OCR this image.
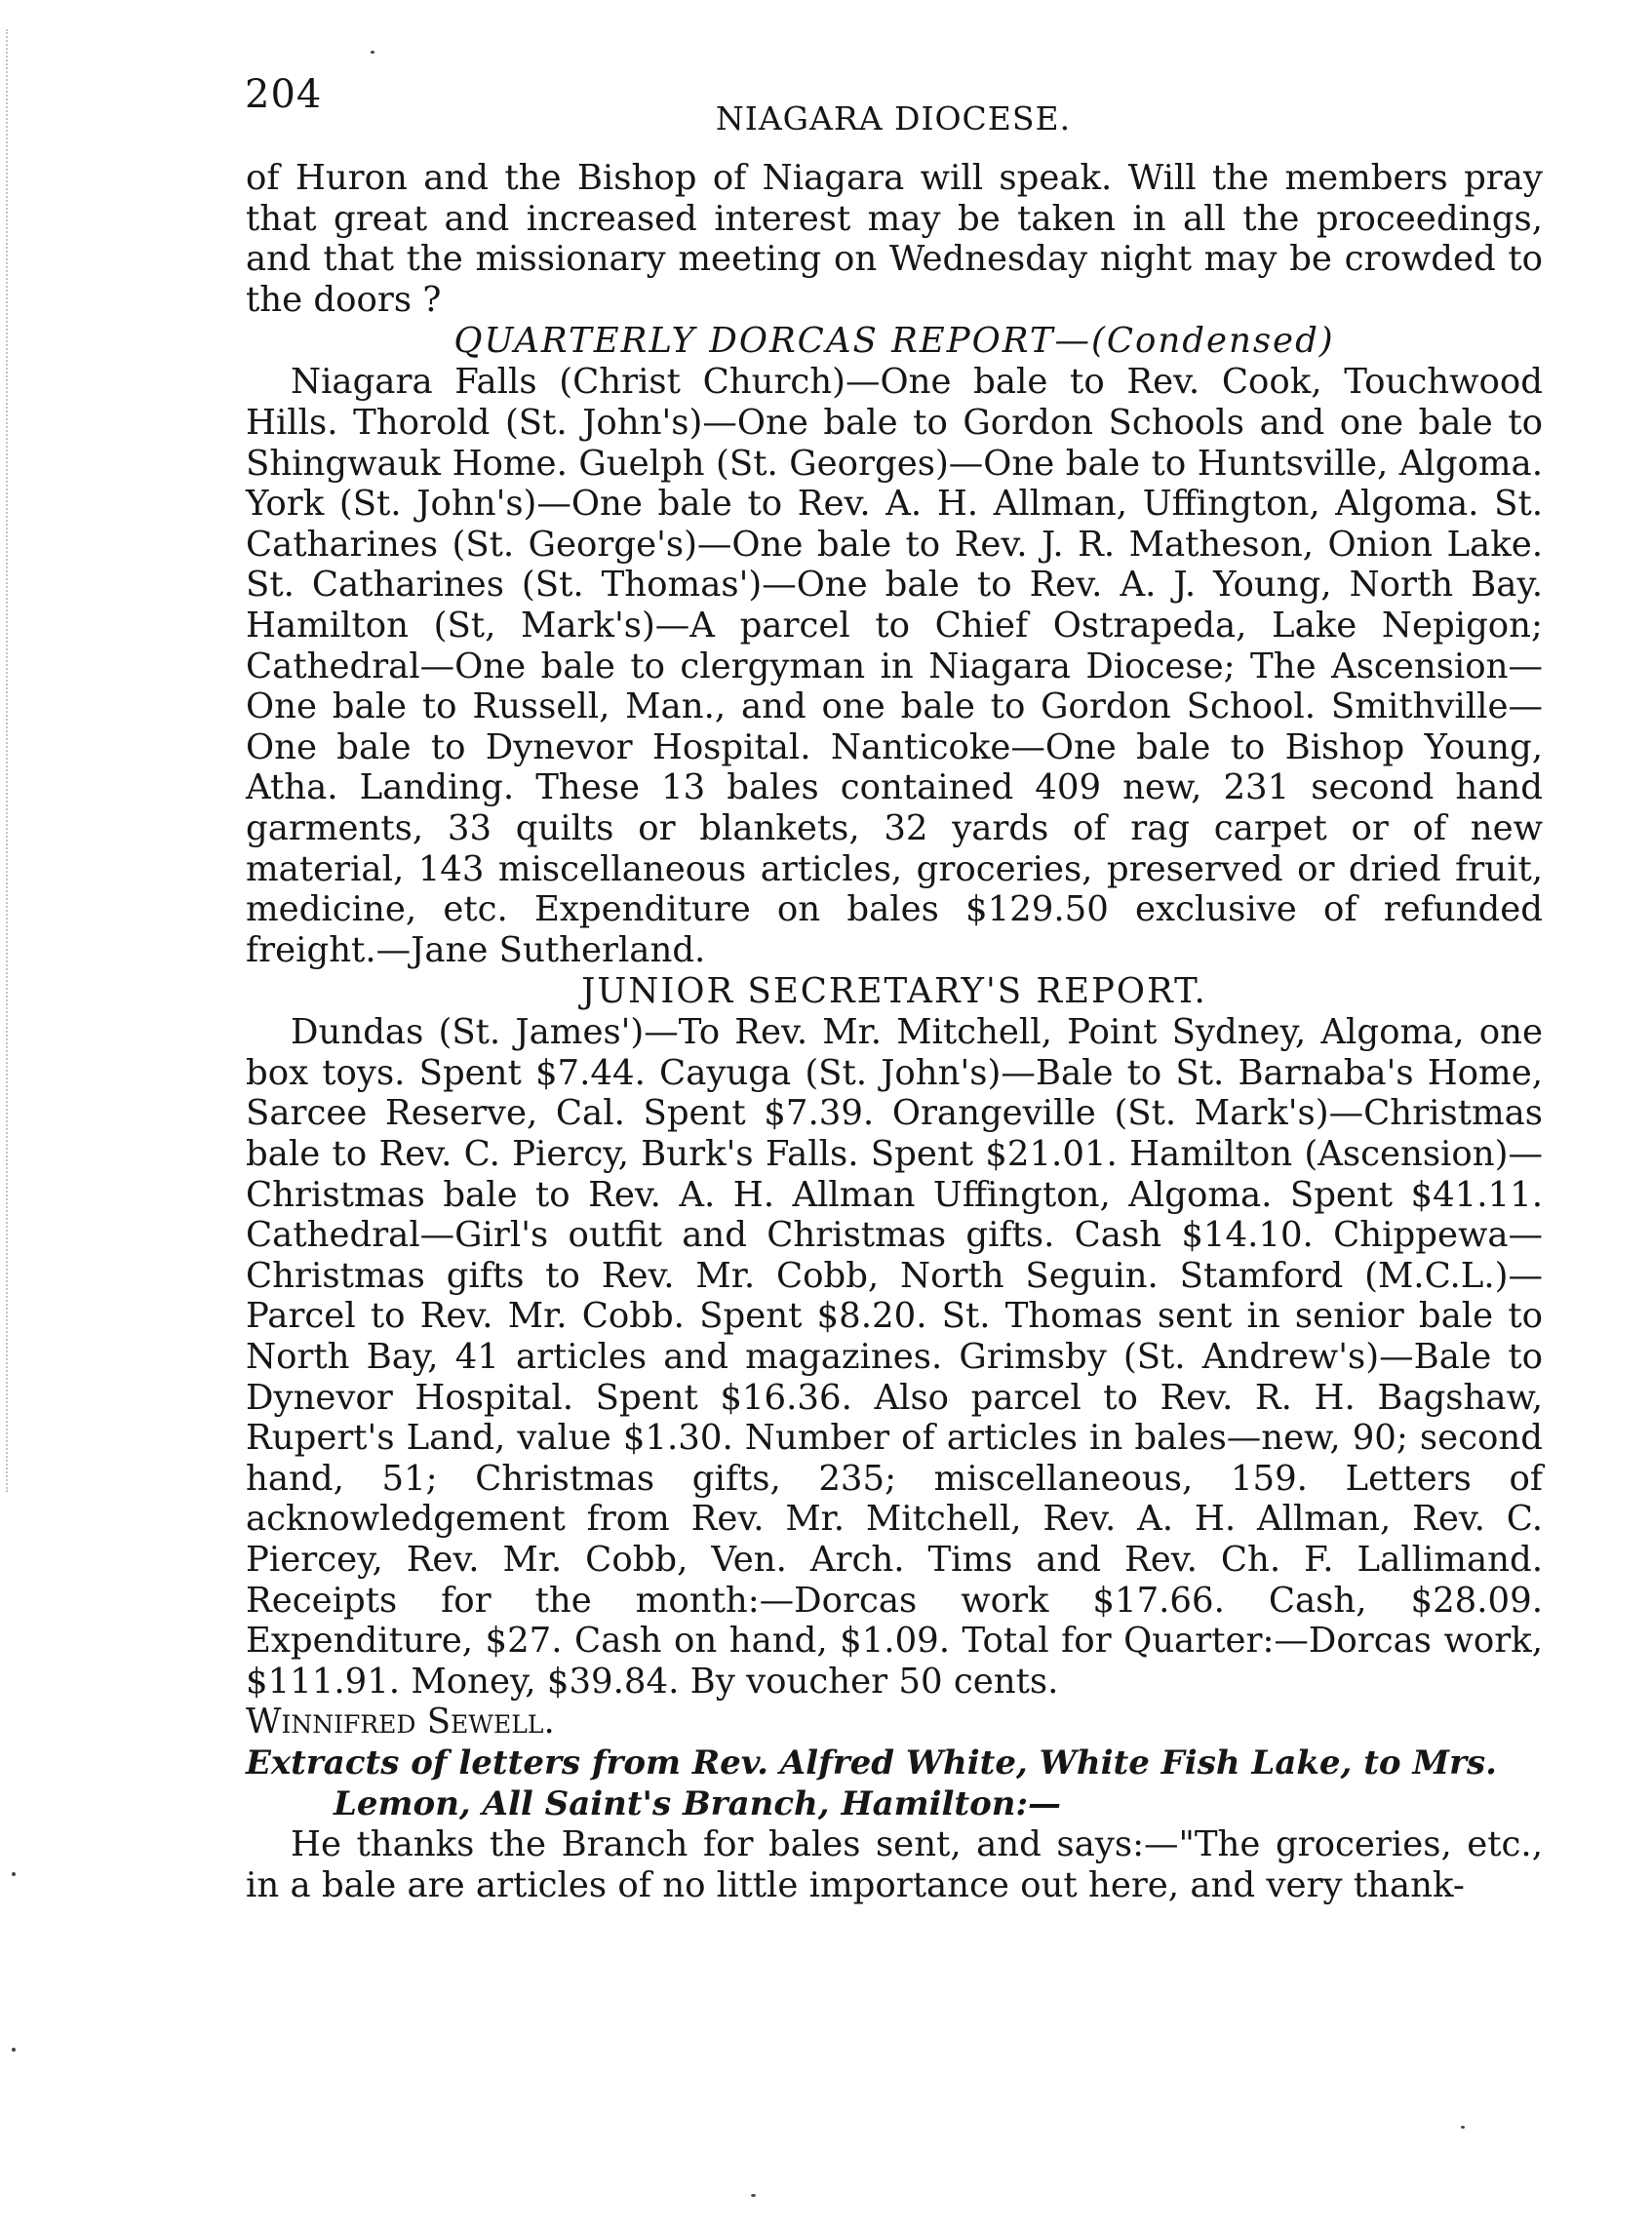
204
NIAGARA DIOCESE.

of Huron and the Bishop of Niagara will speak. Will the members pray that great and increased interest may be taken in all the proceedings, and that the missionary meeting on Wednesday night may be crowded to the doors ?

QUARTERLY DORCAS REPORT—(Condensed)

Niagara Falls (Christ Church)—One bale to Rev. Cook, Touchwood Hills. Thorold (St. John's)—One bale to Gordon Schools and one bale to Shingwauk Home. Guelph (St. Georges)—One bale to Huntsville, Algoma. York (St. John's)—One bale to Rev. A. H. Allman, Uffington, Algoma. St. Catharines (St. George's)—One bale to Rev. J. R. Matheson, Onion Lake. St. Catharines (St. Thomas')—One bale to Rev. A. J. Young, North Bay. Hamilton (St, Mark's)—A parcel to Chief Ostrapeda, Lake Nepigon; Cathedral—One bale to clergyman in Niagara Diocese; The Ascension—One bale to Russell, Man., and one bale to Gordon School. Smithville—One bale to Dynevor Hospital. Nanticoke—One bale to Bishop Young, Atha. Landing. These 13 bales contained 409 new, 231 second hand garments, 33 quilts or blankets, 32 yards of rag carpet or of new material, 143 miscellaneous articles, groceries, preserved or dried fruit, medicine, etc. Expenditure on bales $129.50 exclusive of refunded freight.—Jane Sutherland.

JUNIOR SECRETARY'S REPORT.

Dundas (St. James')—To Rev. Mr. Mitchell, Point Sydney, Algoma, one box toys. Spent $7.44. Cayuga (St. John's)—Bale to St. Barnaba's Home, Sarcee Reserve, Cal. Spent $7.39. Orangeville (St. Mark's)—Christmas bale to Rev. C. Piercy, Burk's Falls. Spent $21.01. Hamilton (Ascension)—Christmas bale to Rev. A. H. Allman Uffington, Algoma. Spent $41.11. Cathedral—Girl's outfit and Christmas gifts. Cash $14.10. Chippewa—Christmas gifts to Rev. Mr. Cobb, North Seguin. Stamford (M.C.L.)—Parcel to Rev. Mr. Cobb. Spent $8.20. St. Thomas sent in senior bale to North Bay, 41 articles and magazines. Grimsby (St. Andrew's)—Bale to Dynevor Hospital. Spent $16.36. Also parcel to Rev. R. H. Bagshaw, Rupert's Land, value $1.30. Number of articles in bales—new, 90; second hand, 51; Christmas gifts, 235; miscellaneous, 159. Letters of acknowledgement from Rev. Mr. Mitchell, Rev. A. H. Allman, Rev. C. Piercey, Rev. Mr. Cobb, Ven. Arch. Tims and Rev. Ch. F. Lallimand. Receipts for the month:—Dorcas work $17.66. Cash, $28.09. Expenditure, $27. Cash on hand, $1.09. Total for Quarter:—Dorcas work, $111.91. Money, $39.84. By voucher 50 cents.

Winnifred Sewell.

Extracts of letters from Rev. Alfred White, White Fish Lake, to Mrs.
Lemon, All Saint's Branch, Hamilton:—

He thanks the Branch for bales sent, and says:—"The groceries, etc., in a bale are articles of no little importance out here, and very thank-
